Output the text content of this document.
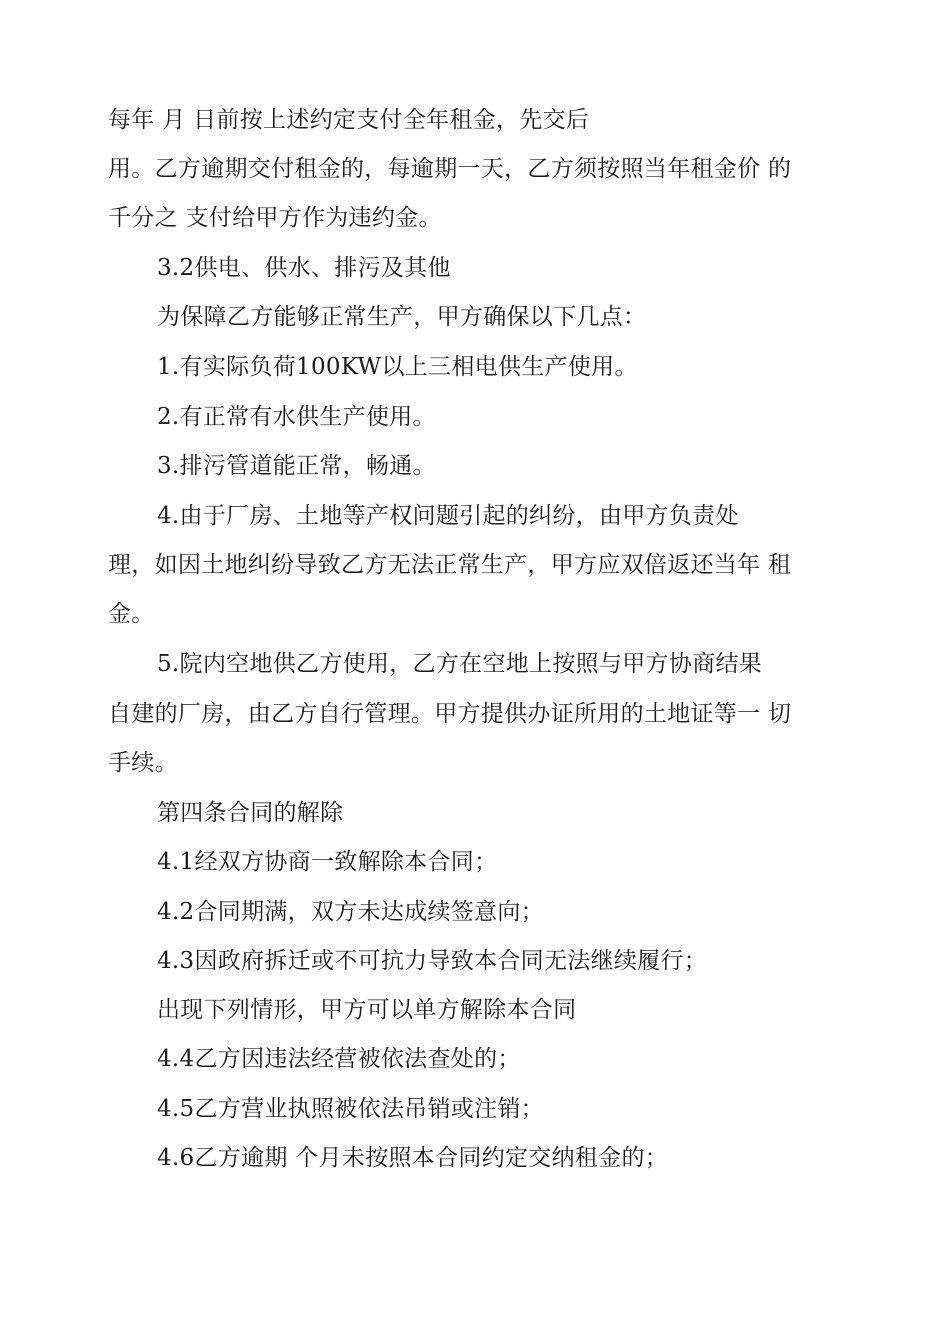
每年 月 日前按上述约定支付全年租金，先交后

用。乙方逾期交付租金的，每逾期一天，乙方须按照当年租金价 的

千分之 支付给甲方作为违约金。

3.2供电、供水、排污及其他

为保障乙方能够正常生产，甲方确保以下几点：

1.有实际负荷100KW以上三相电供生产使用。

2.有正常有水供生产使用。

3.排污管道能正常，畅通。

4.由于厂房、土地等产权问题引起的纠纷，由甲方负责处

理，如因土地纠纷导致乙方无法正常生产，甲方应双倍返还当年 租

金。

5.院内空地供乙方使用，乙方在空地上按照与甲方协商结果

自建的厂房，由乙方自行管理。甲方提供办证所用的土地证等一 切

手续。

第四条合同的解除

4.1经双方协商一致解除本合同；

4.2合同期满，双方未达成续签意向；

4.3因政府拆迁或不可抗力导致本合同无法继续履行；

出现下列情形，甲方可以单方解除本合同

4.4乙方因违法经营被依法查处的；

4.5乙方营业执照被依法吊销或注销；

4.6乙方逾期 个月未按照本合同约定交纳租金的；
